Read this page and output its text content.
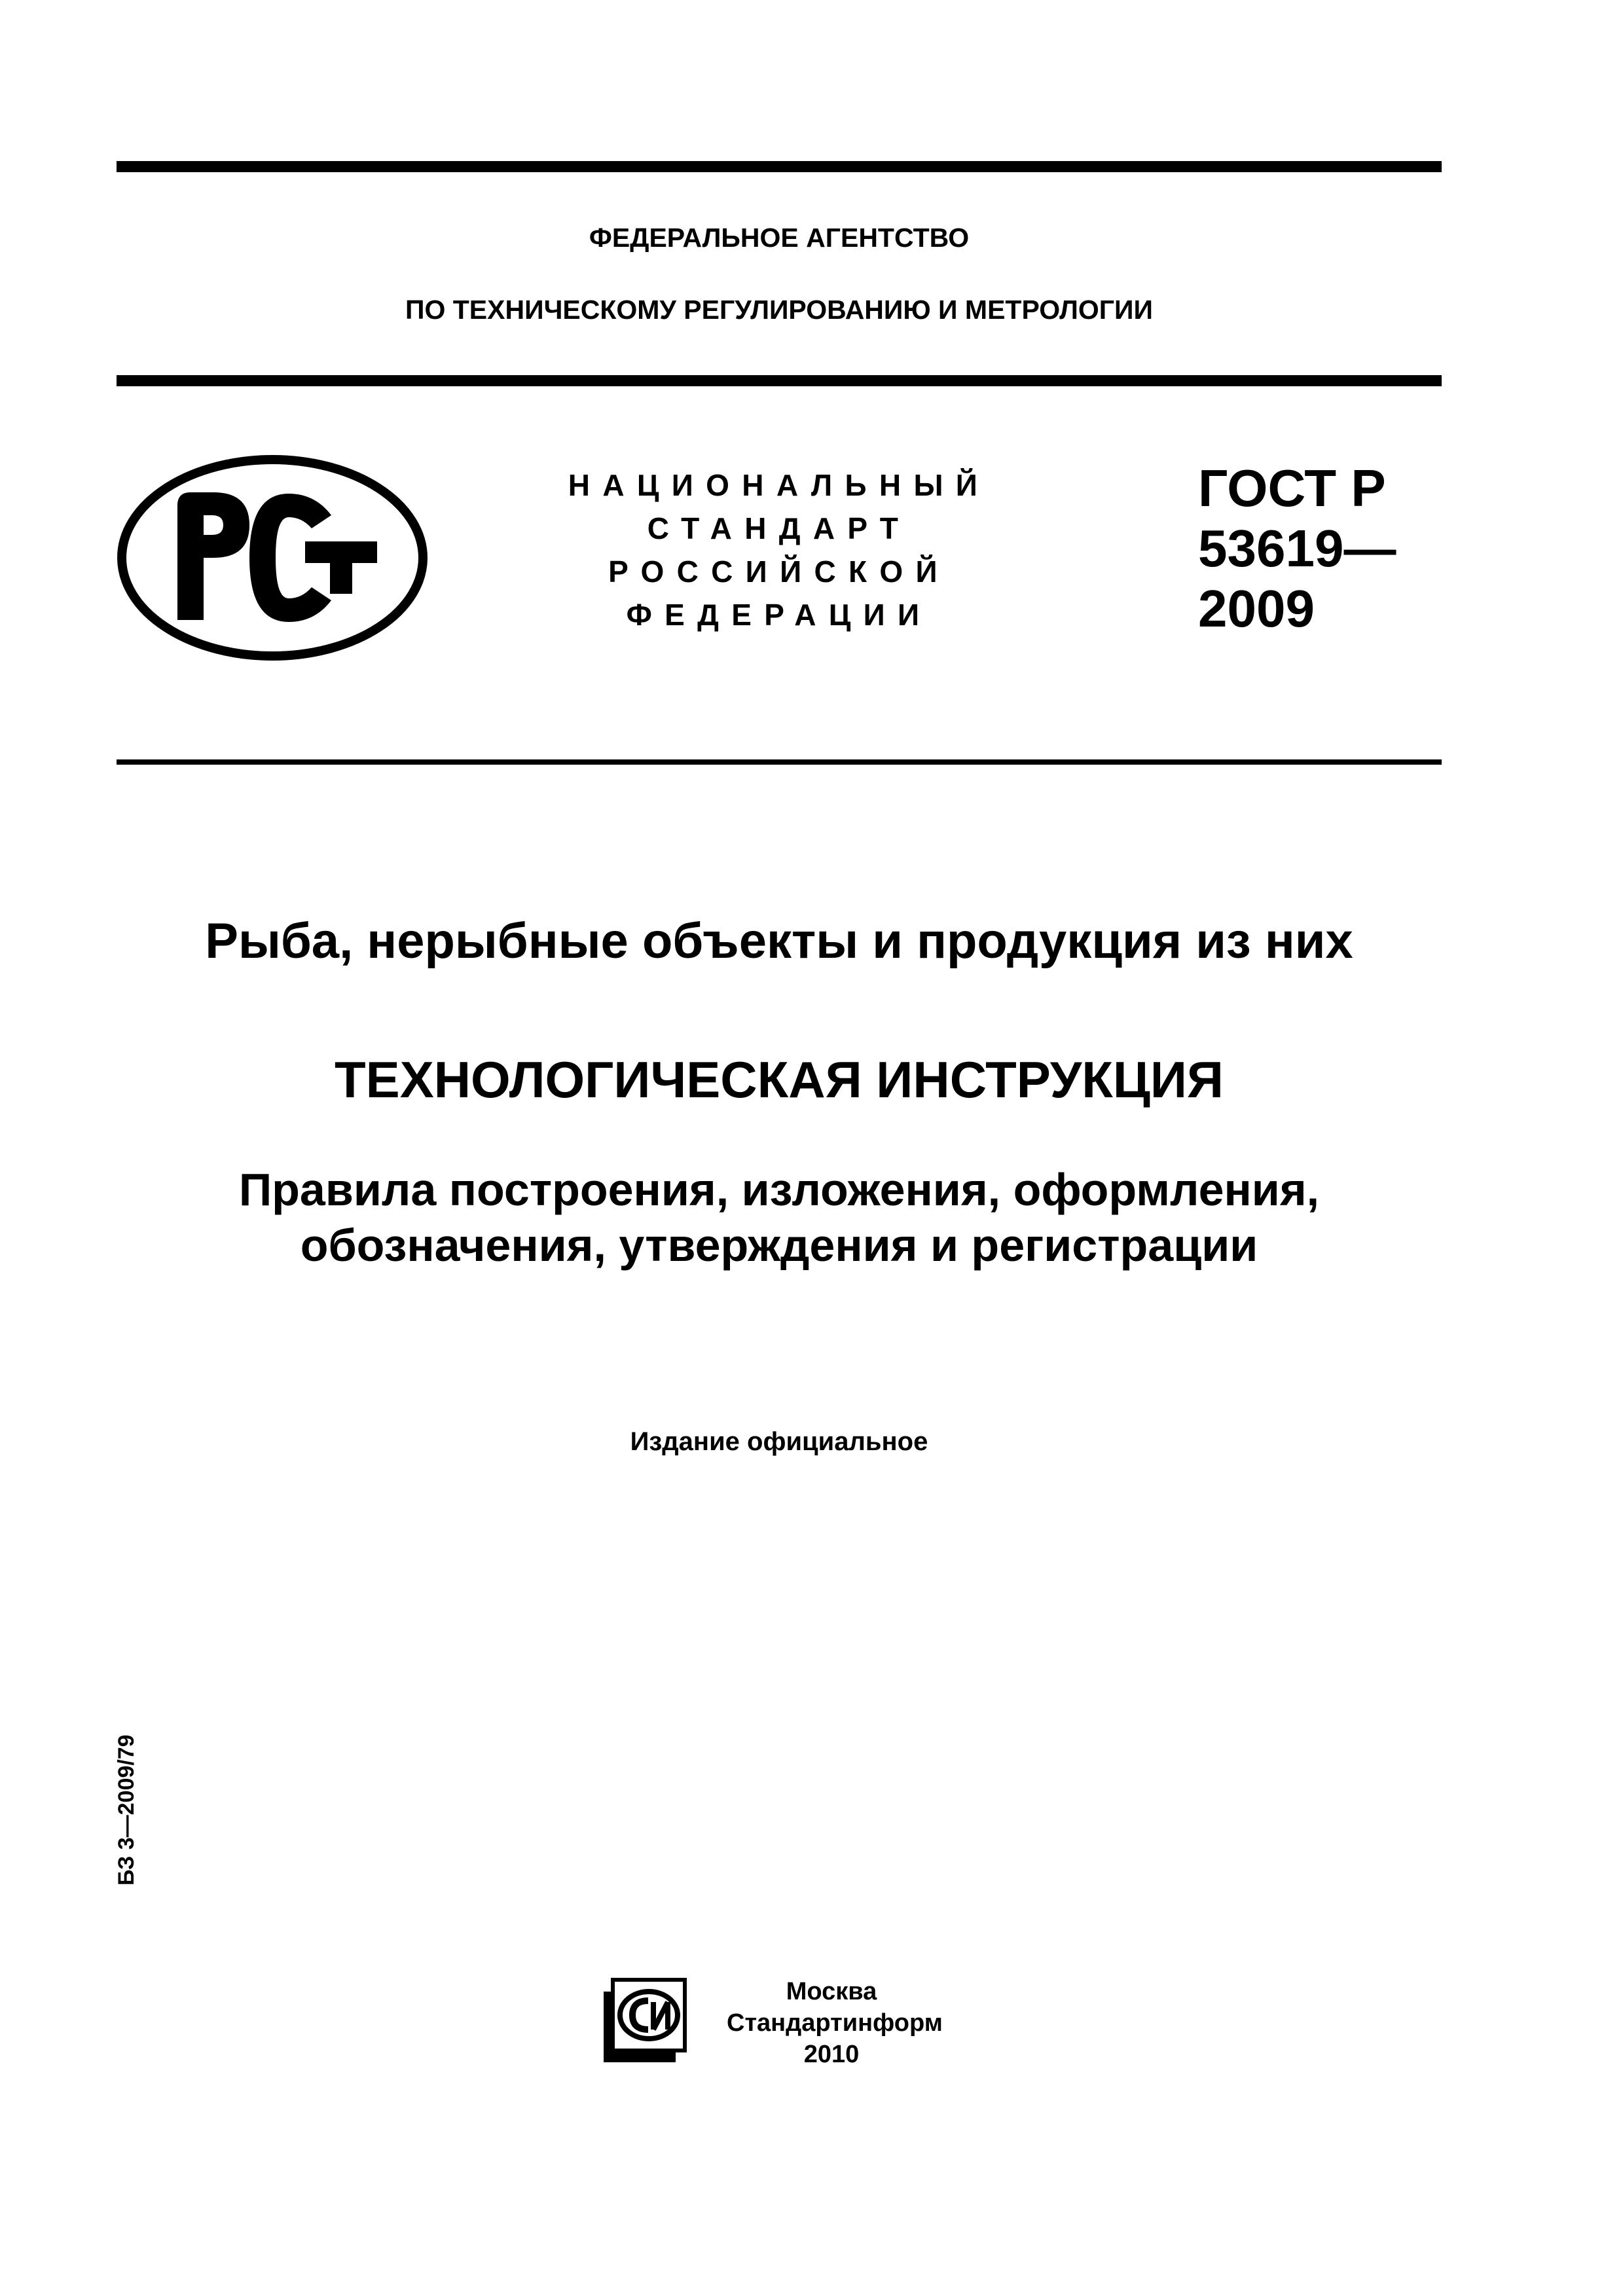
ФЕДЕРАЛЬНОЕ АГЕНТСТВО
ПО ТЕХНИЧЕСКОМУ РЕГУЛИРОВАНИЮ И МЕТРОЛОГИИ
НАЦИОНАЛЬНЫЙ
СТАНДАРТ
РОССИЙСКОЙ
ФЕДЕРАЦИИ
ГОСТ Р
53619—
2009
Рыба, нерыбные объекты и продукция из них
ТЕХНОЛОГИЧЕСКАЯ ИНСТРУКЦИЯ
Правила построения, изложения, оформления,
обозначения, утверждения и регистрации
Издание официальное
БЗ 3—2009/79
Москва
Стандартинформ
2010
